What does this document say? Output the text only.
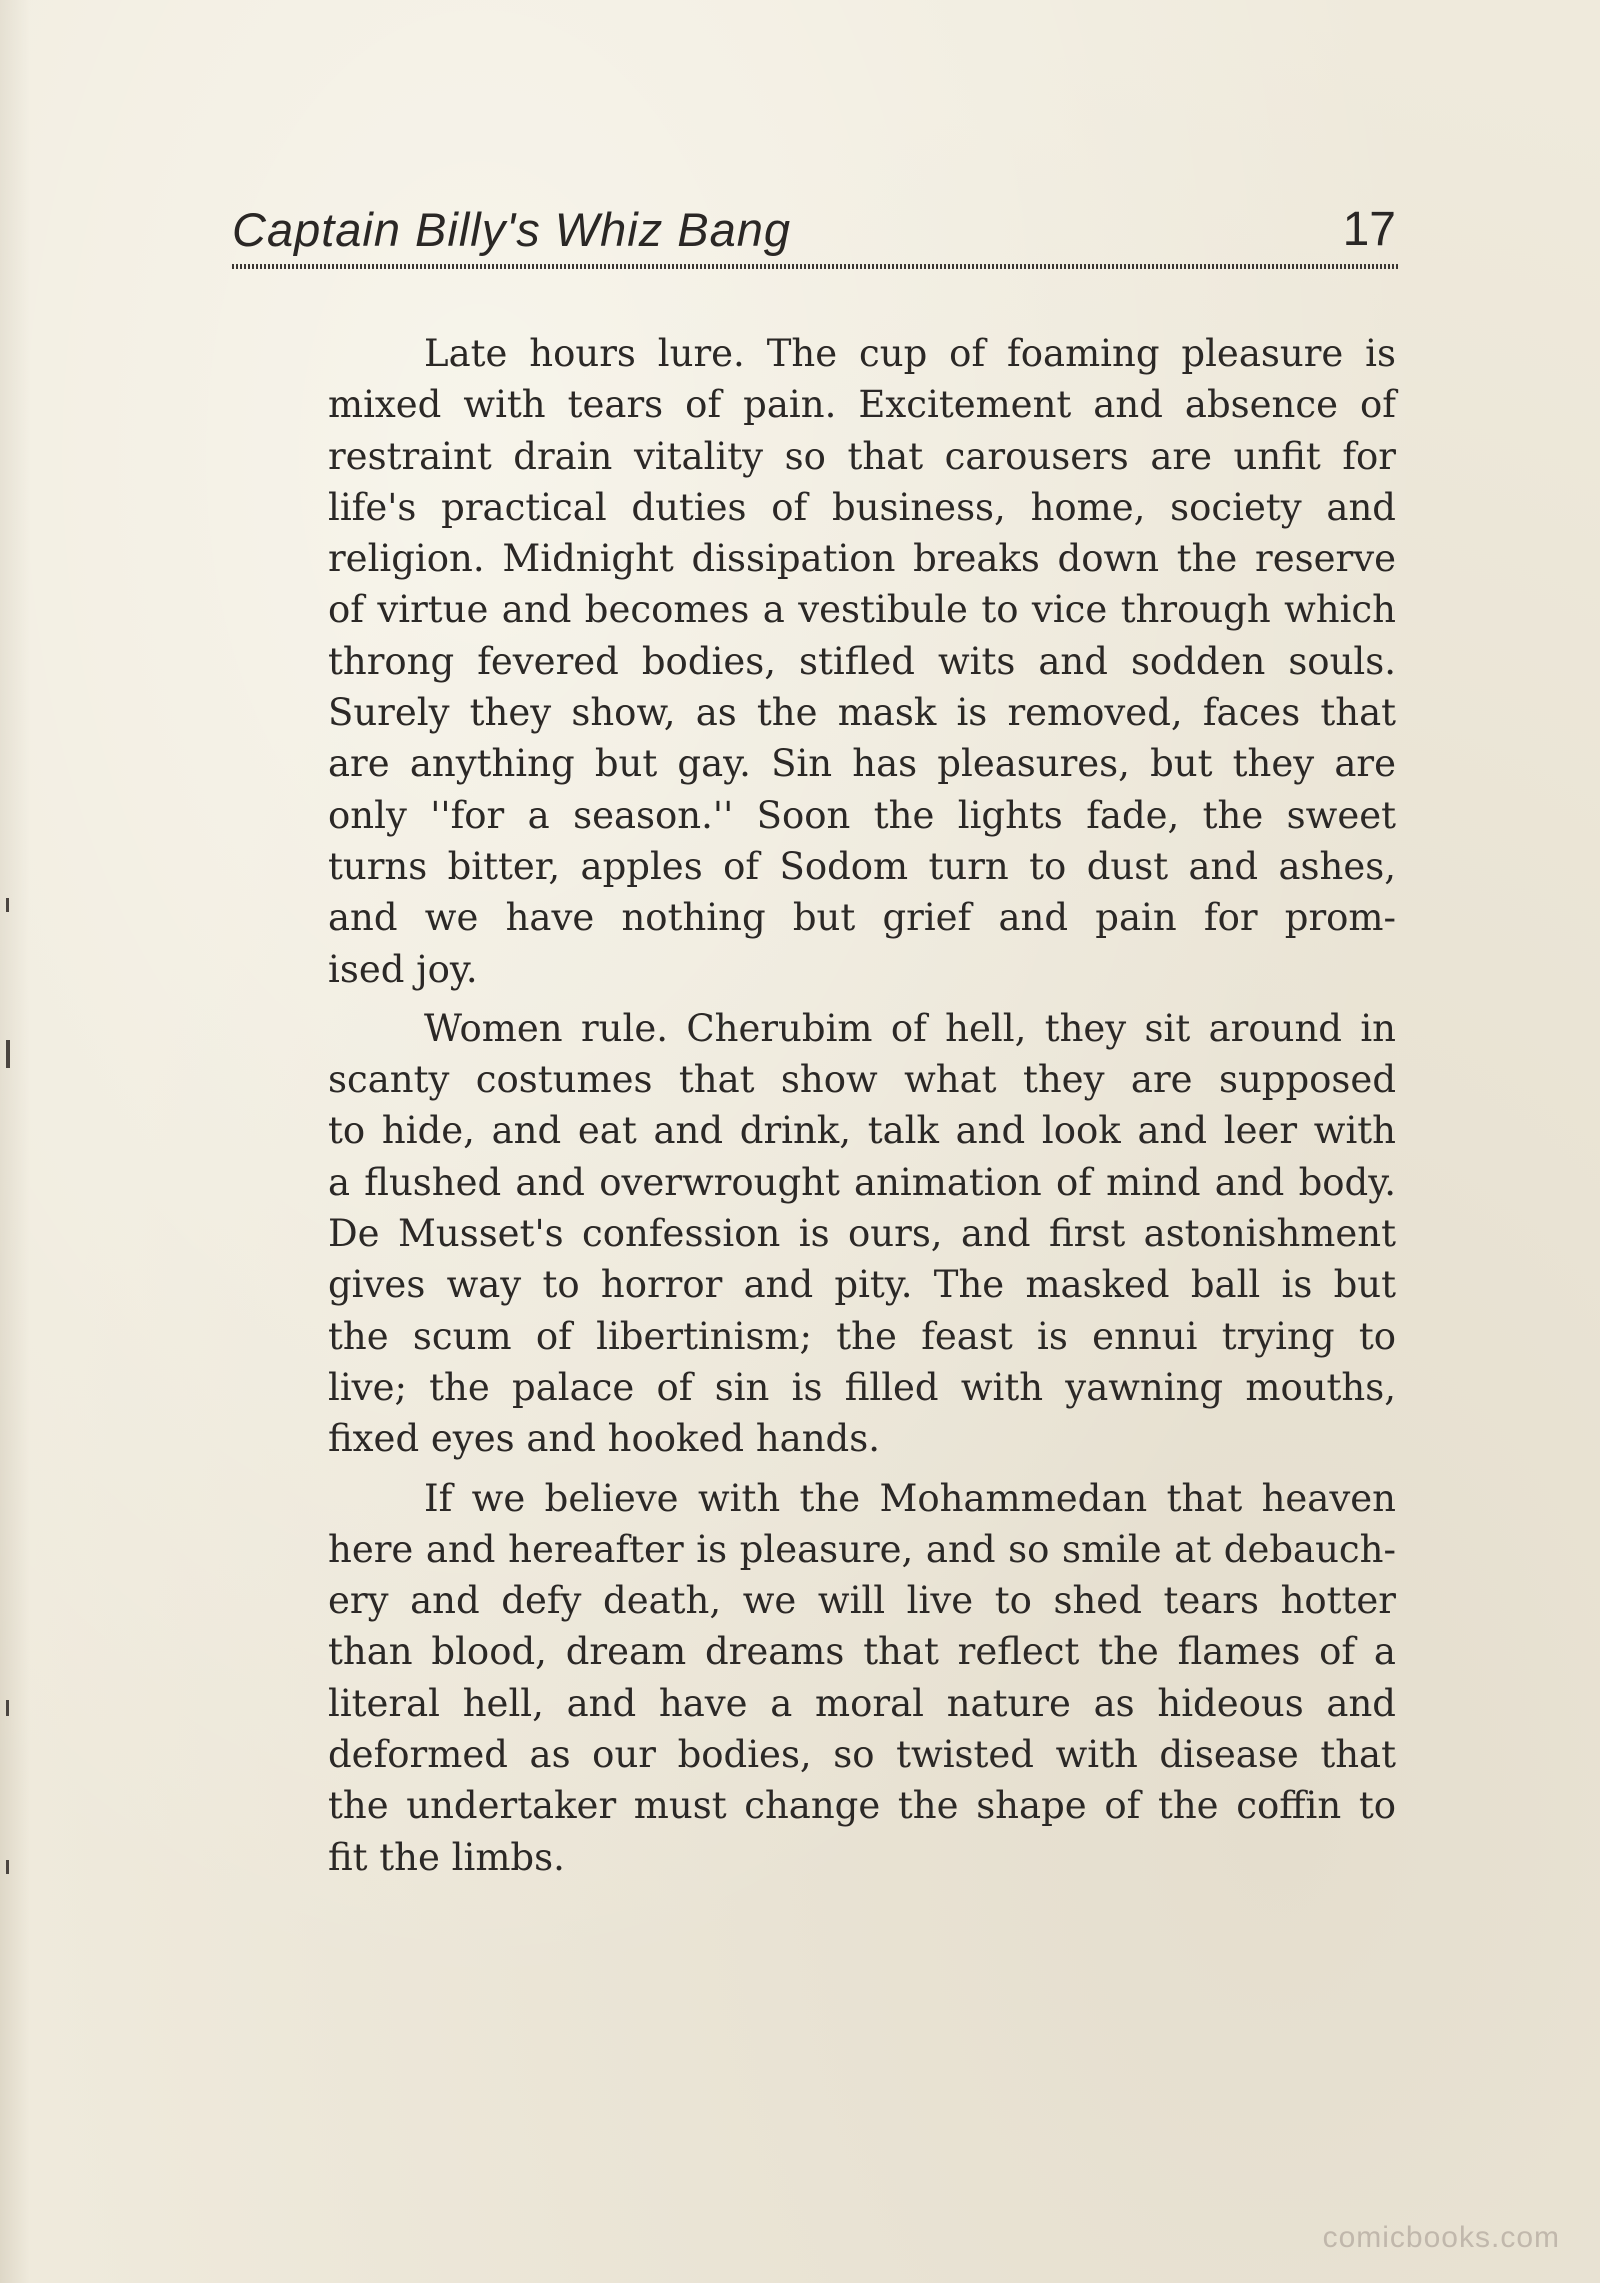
Captain Billy's Whiz Bang	17

Late hours lure. The cup of foaming pleasure is
mixed with tears of pain. Excitement and absence of
restraint drain vitality so that carousers are unfit for
life's practical duties of business, home, society and
religion. Midnight dissipation breaks down the reserve
of virtue and becomes a vestibule to vice through which
throng fevered bodies, stifled wits and sodden souls.
Surely they show, as the mask is removed, faces that
are anything but gay. Sin has pleasures, but they are
only ''for a season.'' Soon the lights fade, the sweet
turns bitter, apples of Sodom turn to dust and ashes,
and we have nothing but grief and pain for prom-
ised joy.

Women rule. Cherubim of hell, they sit around in
scanty costumes that show what they are supposed
to hide, and eat and drink, talk and look and leer with
a flushed and overwrought animation of mind and body.
De Musset's confession is ours, and first astonishment
gives way to horror and pity. The masked ball is but
the scum of libertinism; the feast is ennui trying to
live; the palace of sin is filled with yawning mouths,
fixed eyes and hooked hands.

If we believe with the Mohammedan that heaven
here and hereafter is pleasure, and so smile at debauch-
ery and defy death, we will live to shed tears hotter
than blood, dream dreams that reflect the flames of a
literal hell, and have a moral nature as hideous and
deformed as our bodies, so twisted with disease that
the undertaker must change the shape of the coffin to
fit the limbs.

comicbooks.com
